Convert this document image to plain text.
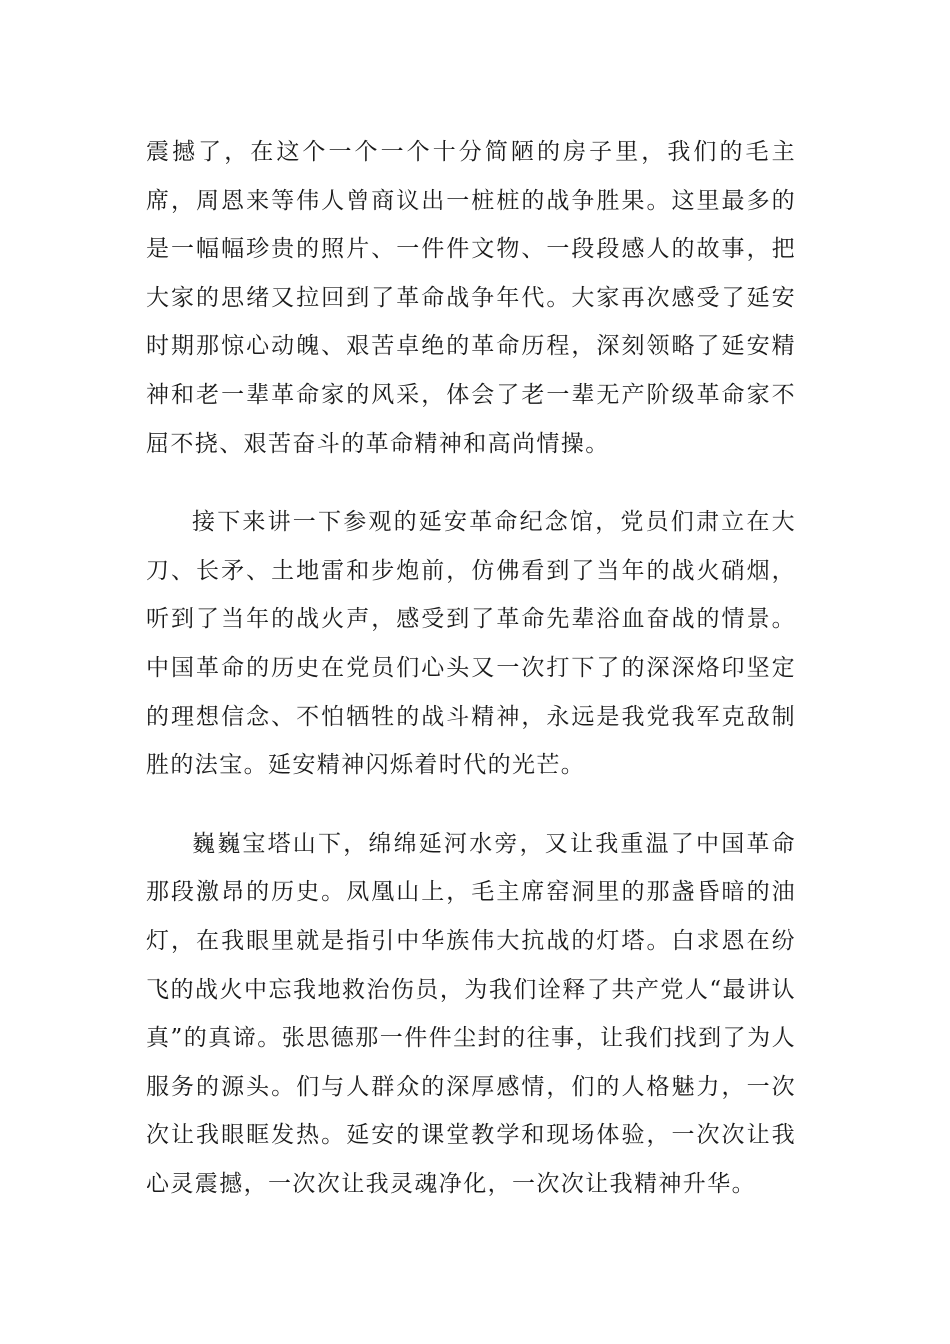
震撼了，在这个一个一个十分简陋的房子里，我们的毛主席，周恩来等伟人曾商议出一桩桩的战争胜果。这里最多的是一幅幅珍贵的照片、一件件文物、一段段感人的故事，把大家的思绪又拉回到了革命战争年代。大家再次感受了延安时期那惊心动魄、艰苦卓绝的革命历程，深刻领略了延安精神和老一辈革命家的风采，体会了老一辈无产阶级革命家不屈不挠、艰苦奋斗的革命精神和高尚情操。

接下来讲一下参观的延安革命纪念馆，党员们肃立在大刀、长矛、土地雷和步炮前，仿佛看到了当年的战火硝烟，听到了当年的战火声，感受到了革命先辈浴血奋战的情景。中国革命的历史在党员们心头又一次打下了的深深烙印坚定的理想信念、不怕牺牲的战斗精神，永远是我党我军克敌制胜的法宝。延安精神闪烁着时代的光芒。

巍巍宝塔山下，绵绵延河水旁，又让我重温了中国革命那段激昂的历史。凤凰山上，毛主席窑洞里的那盏昏暗的油灯，在我眼里就是指引中华族伟大抗战的灯塔。白求恩在纷飞的战火中忘我地救治伤员，为我们诠释了共产党人“最讲认真”的真谛。张思德那一件件尘封的往事，让我们找到了为人服务的源头。们与人群众的深厚感情，们的人格魅力，一次次让我眼眶发热。延安的课堂教学和现场体验，一次次让我心灵震撼，一次次让我灵魂净化，一次次让我精神升华。
